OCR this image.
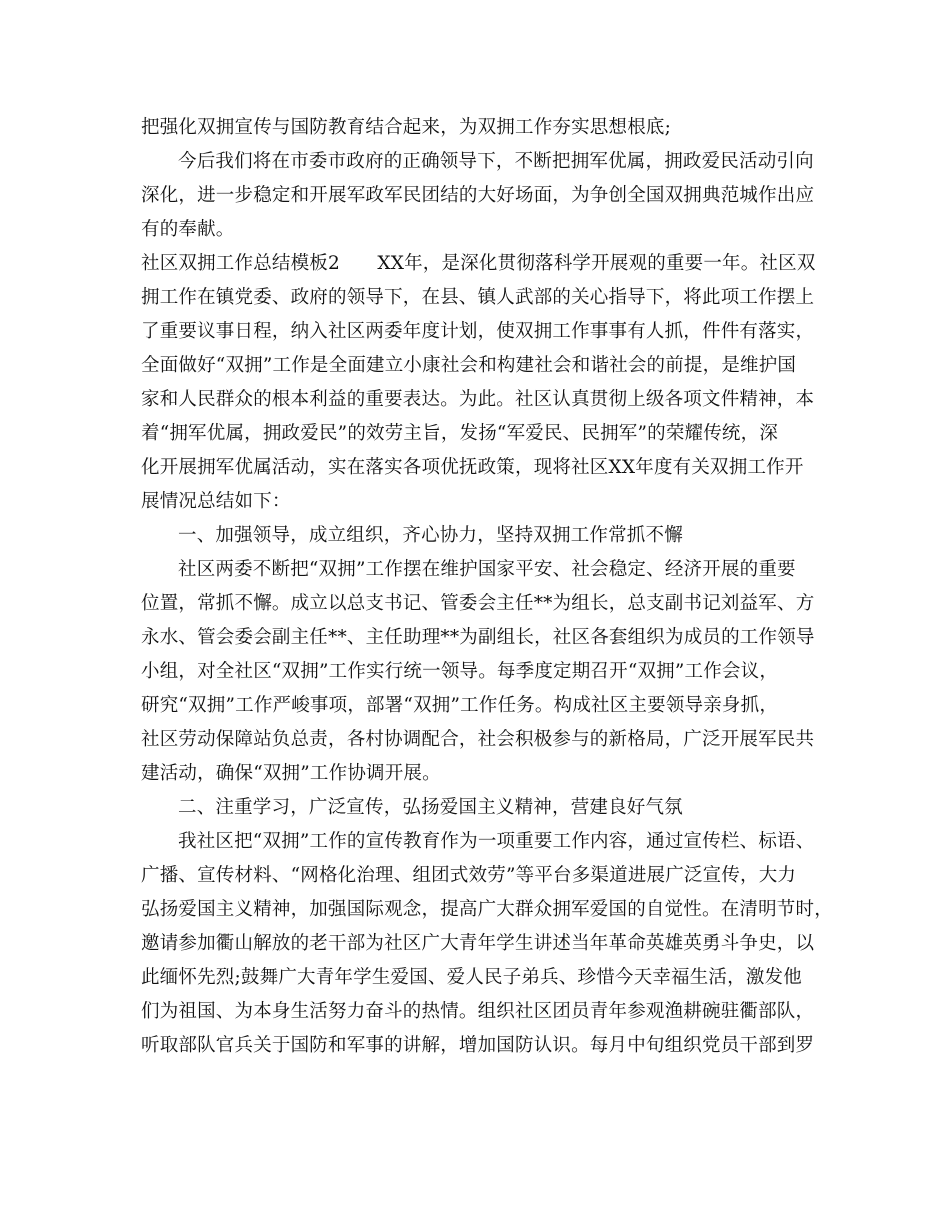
把强化双拥宣传与国防教育结合起来，为双拥工作夯实思想根底;
今后我们将在市委市政府的正确领导下，不断把拥军优属，拥政爱民活动引向
深化，进一步稳定和开展军政军民团结的大好场面，为争创全国双拥典范城作出应
有的奉献。
社区双拥工作总结模板2　　XX年，是深化贯彻落科学开展观的重要一年。社区双
拥工作在镇党委、政府的领导下，在县、镇人武部的关心指导下，将此项工作摆上
了重要议事日程，纳入社区两委年度计划，使双拥工作事事有人抓，件件有落实，
全面做好“双拥”工作是全面建立小康社会和构建社会和谐社会的前提，是维护国
家和人民群众的根本利益的重要表达。为此。社区认真贯彻上级各项文件精神，本
着“拥军优属，拥政爱民”的效劳主旨，发扬“军爱民、民拥军”的荣耀传统，深
化开展拥军优属活动，实在落实各项优抚政策，现将社区XX年度有关双拥工作开
展情况总结如下：
一、加强领导，成立组织，齐心协力，坚持双拥工作常抓不懈
社区两委不断把“双拥”工作摆在维护国家平安、社会稳定、经济开展的重要
位置，常抓不懈。成立以总支书记、管委会主任**为组长，总支副书记刘益军、方
永水、管会委会副主任**、主任助理**为副组长，社区各套组织为成员的工作领导
小组，对全社区“双拥”工作实行统一领导。每季度定期召开“双拥”工作会议，
研究“双拥”工作严峻事项，部署“双拥”工作任务。构成社区主要领导亲身抓，
社区劳动保障站负总责，各村协调配合，社会积极参与的新格局，广泛开展军民共
建活动，确保“双拥”工作协调开展。
二、注重学习，广泛宣传，弘扬爱国主义精神，营建良好气氛
我社区把“双拥”工作的宣传教育作为一项重要工作内容，通过宣传栏、标语、
广播、宣传材料、“网格化治理、组团式效劳”等平台多渠道进展广泛宣传，大力
弘扬爱国主义精神，加强国际观念，提高广大群众拥军爱国的自觉性。在清明节时，
邀请参加衢山解放的老干部为社区广大青年学生讲述当年革命英雄英勇斗争史，以
此缅怀先烈;鼓舞广大青年学生爱国、爱人民子弟兵、珍惜今天幸福生活，激发他
们为祖国、为本身生活努力奋斗的热情。组织社区团员青年参观渔耕碗驻衢部队，
听取部队官兵关于国防和军事的讲解，增加国防认识。每月中旬组织党员干部到罗
